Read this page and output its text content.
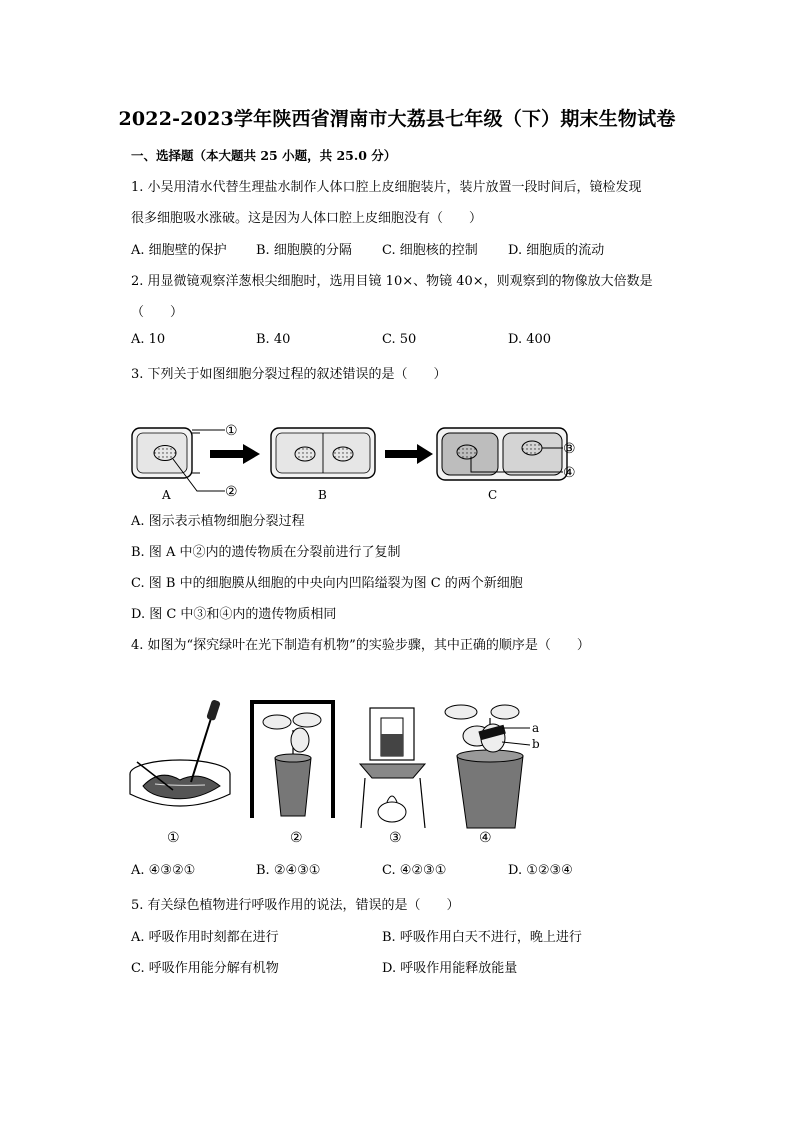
2022-2023学年陕西省渭南市大荔县七年级（下）期末生物试卷
一、选择题（本大题共 25 小题，共 25.0 分）
1. 小吴用清水代替生理盐水制作人体口腔上皮细胞装片，装片放置一段时间后，镜检发现
很多细胞吸水涨破。这是因为人体口腔上皮细胞没有（　　）
A. 细胞壁的保护 B. 细胞膜的分隔 C. 细胞核的控制 D. 细胞质的流动
2. 用显微镜观察洋葱根尖细胞时，选用目镜 10×、物镜 40×，则观察到的物像放大倍数是
（　　）
A. 10	B. 40	C. 50	D. 400
3. 下列关于如图细胞分裂过程的叙述错误的是（　　）
①
②
A	B
③
④
C
A. 图示表示植物细胞分裂过程
B. 图 A 中②内的遗传物质在分裂前进行了复制
C. 图 B 中的细胞膜从细胞的中央向内凹陷缢裂为图 C 的两个新细胞
D. 图 C 中③和④内的遗传物质相同
4. 如图为“探究绿叶在光下制造有机物”的实验步骤，其中正确的顺序是（　　）
①	②	③
a
b
④
A. ④③②①	B. ②④③①	C. ④②③①	D. ①②③④
5. 有关绿色植物进行呼吸作用的说法，错误的是（　　）
A. 呼吸作用时刻都在进行	B. 呼吸作用白天不进行，晚上进行
C. 呼吸作用能分解有机物	D. 呼吸作用能释放能量
